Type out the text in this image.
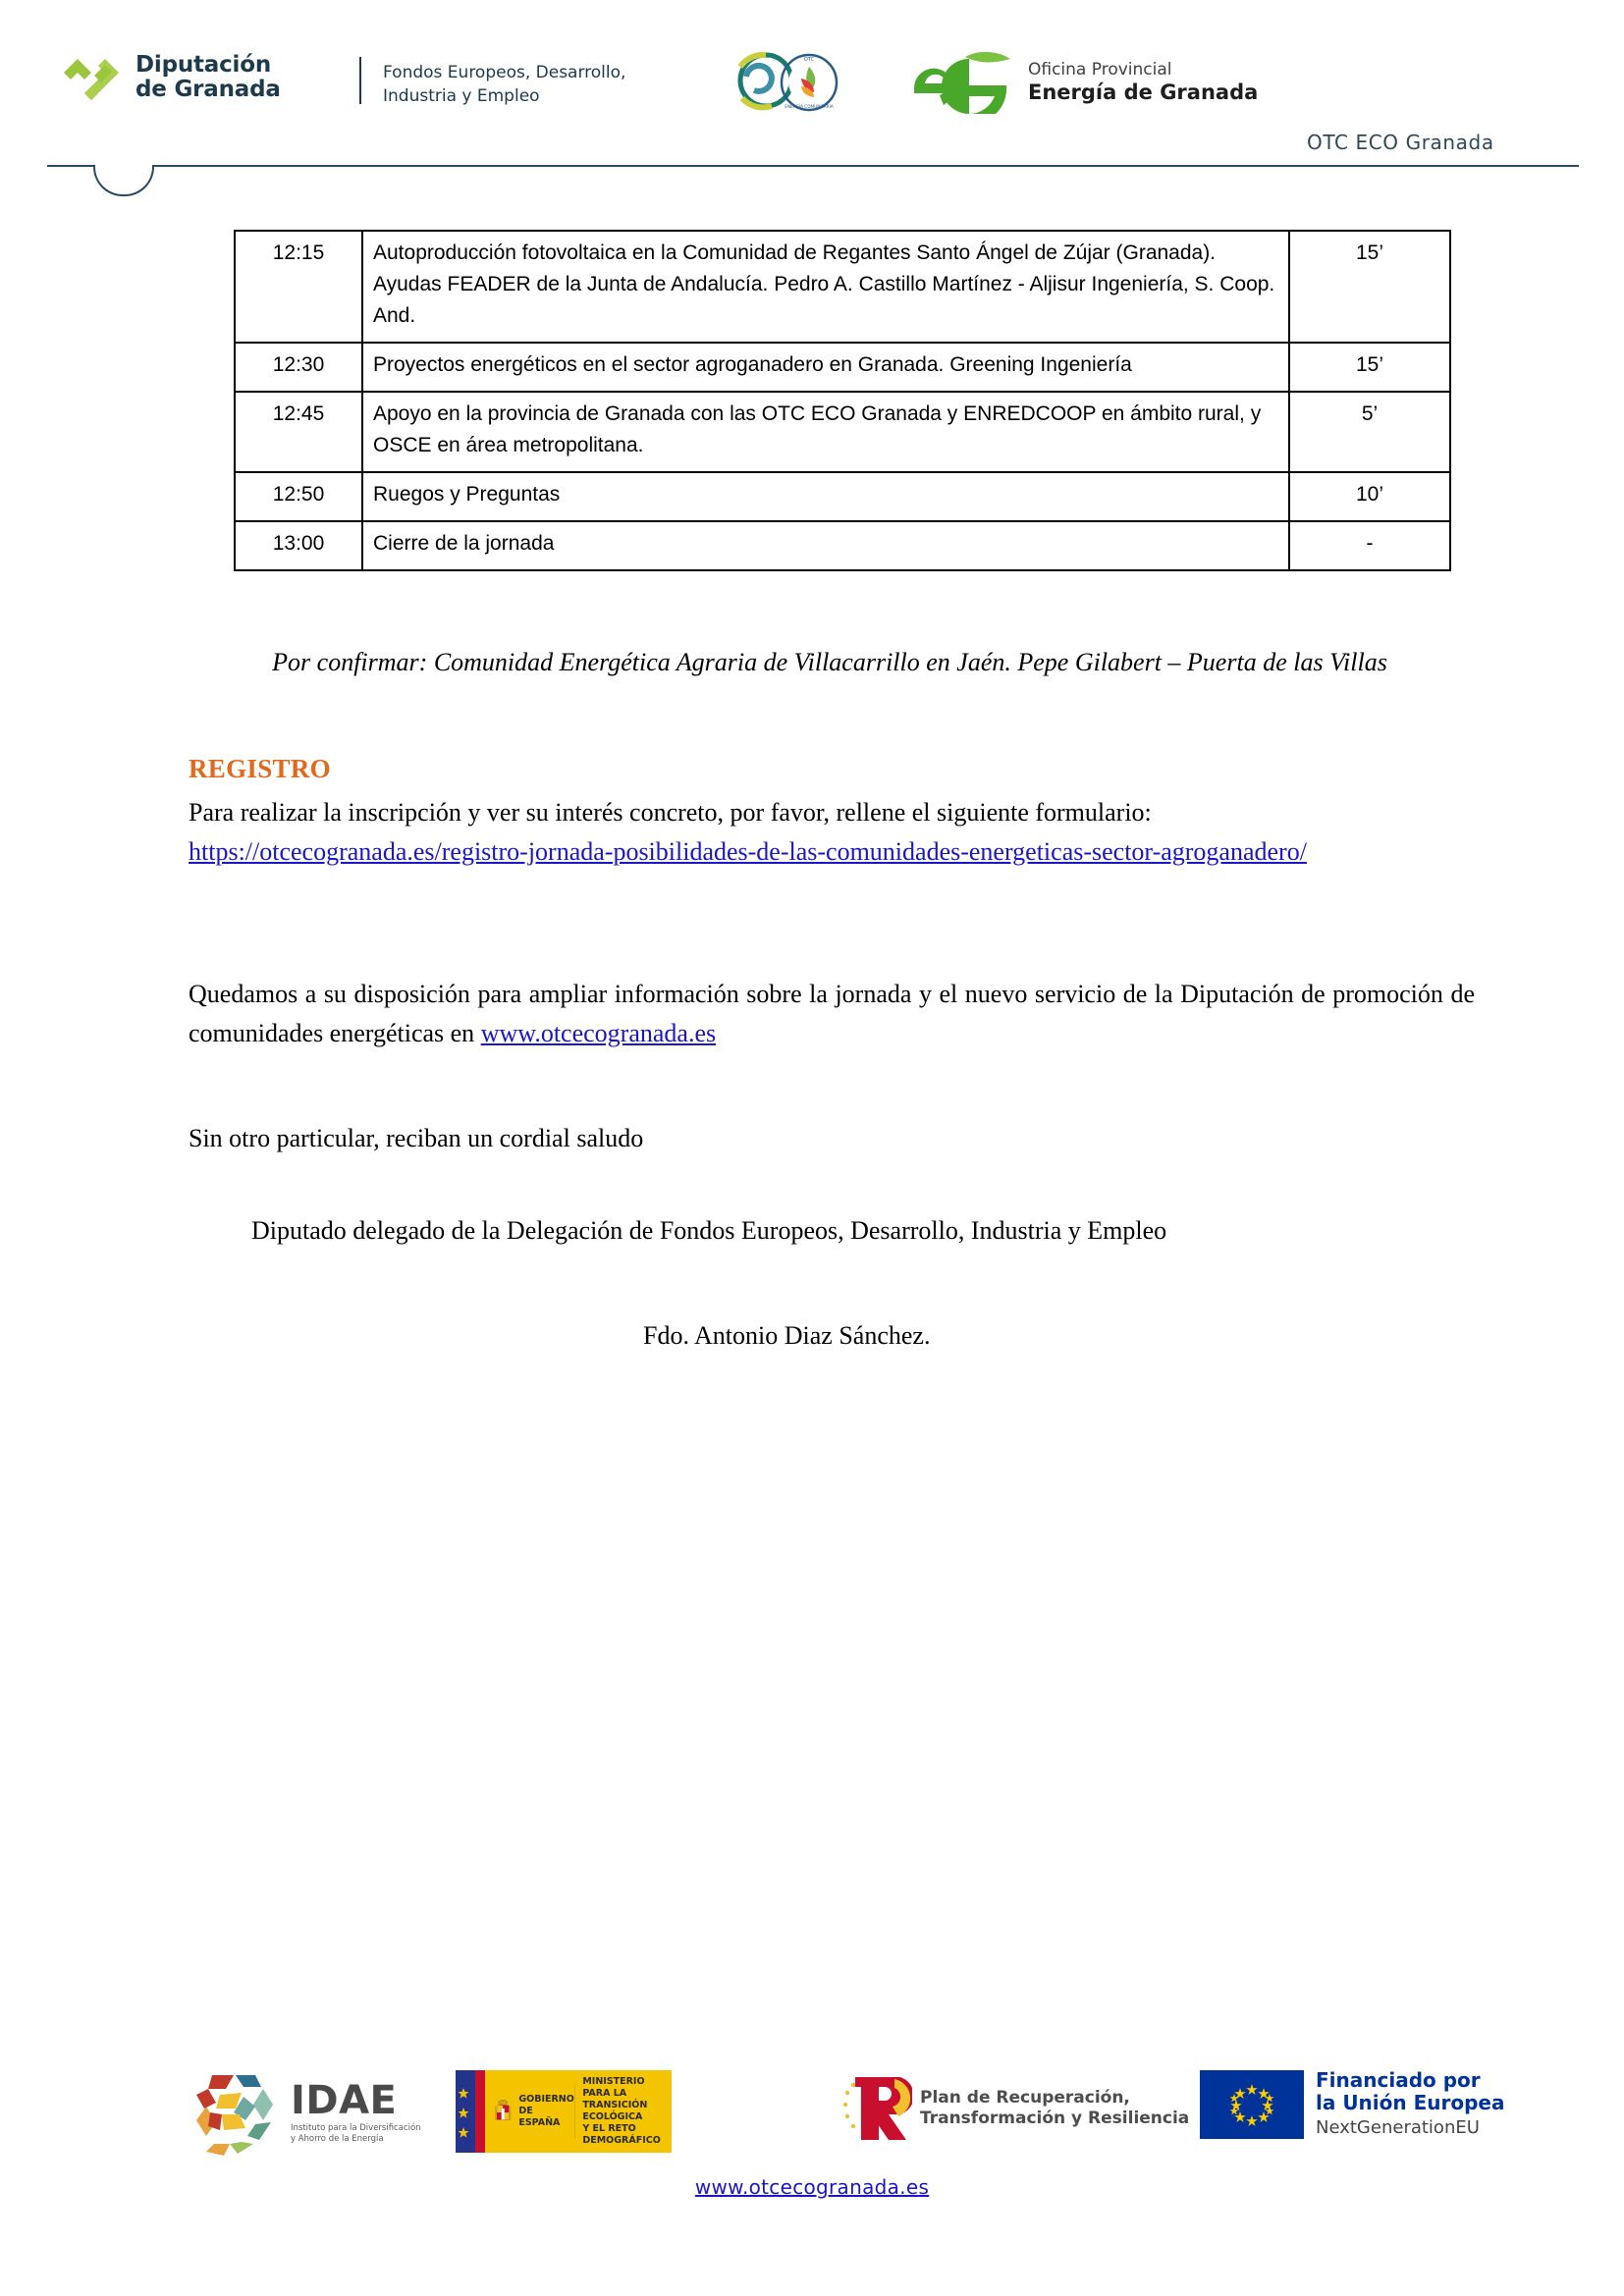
Diputación
de Granada
Fondos Europeos, Desarrollo,
Industria y Empleo
OTC
ENERGÍA COMUNITARIA
Oficina Provincial
Energía de Granada
OTC ECO Granada
12:15	Autoproducción fotovoltaica en la Comunidad de Regantes Santo Ángel de Zújar (Granada). Ayudas FEADER de la Junta de Andalucía. Pedro A. Castillo Martínez - Aljisur Ingeniería, S. Coop. And.	15’
12:30	Proyectos energéticos en el sector agroganadero en Granada. Greening Ingeniería	15’
12:45	Apoyo en la provincia de Granada con las OTC ECO Granada y ENREDCOOP en ámbito rural, y OSCE en área metropolitana.	5’
12:50	Ruegos y Preguntas	10’
13:00	Cierre de la jornada	-
Por confirmar: Comunidad Energética Agraria de Villacarrillo en Jaén. Pepe Gilabert – Puerta de las Villas
REGISTRO
Para realizar la inscripción y ver su interés concreto, por favor, rellene el siguiente formulario:
https://otcecogranada.es/registro-jornada-posibilidades-de-las-comunidades-energeticas-sector-agroganadero/
Quedamos a su disposición para ampliar información sobre la jornada y el nuevo servicio de la Diputación de promoción de comunidades energéticas en www.otcecogranada.es
Sin otro particular, reciban un cordial saludo
Diputado delegado de la Delegación de Fondos Europeos, Desarrollo, Industria y Empleo
Fdo. Antonio Diaz Sánchez.
IDAE
Instituto para la Diversificación
y Ahorro de la Energía
GOBIERNO
DE ESPAÑA
MINISTERIO
PARA LA TRANSICIÓN ECOLÓGICA
Y EL RETO DEMOGRÁFICO
Plan de Recuperación,
Transformación y Resiliencia
Financiado por
la Unión Europea
NextGenerationEU
www.otcecogranada.es
